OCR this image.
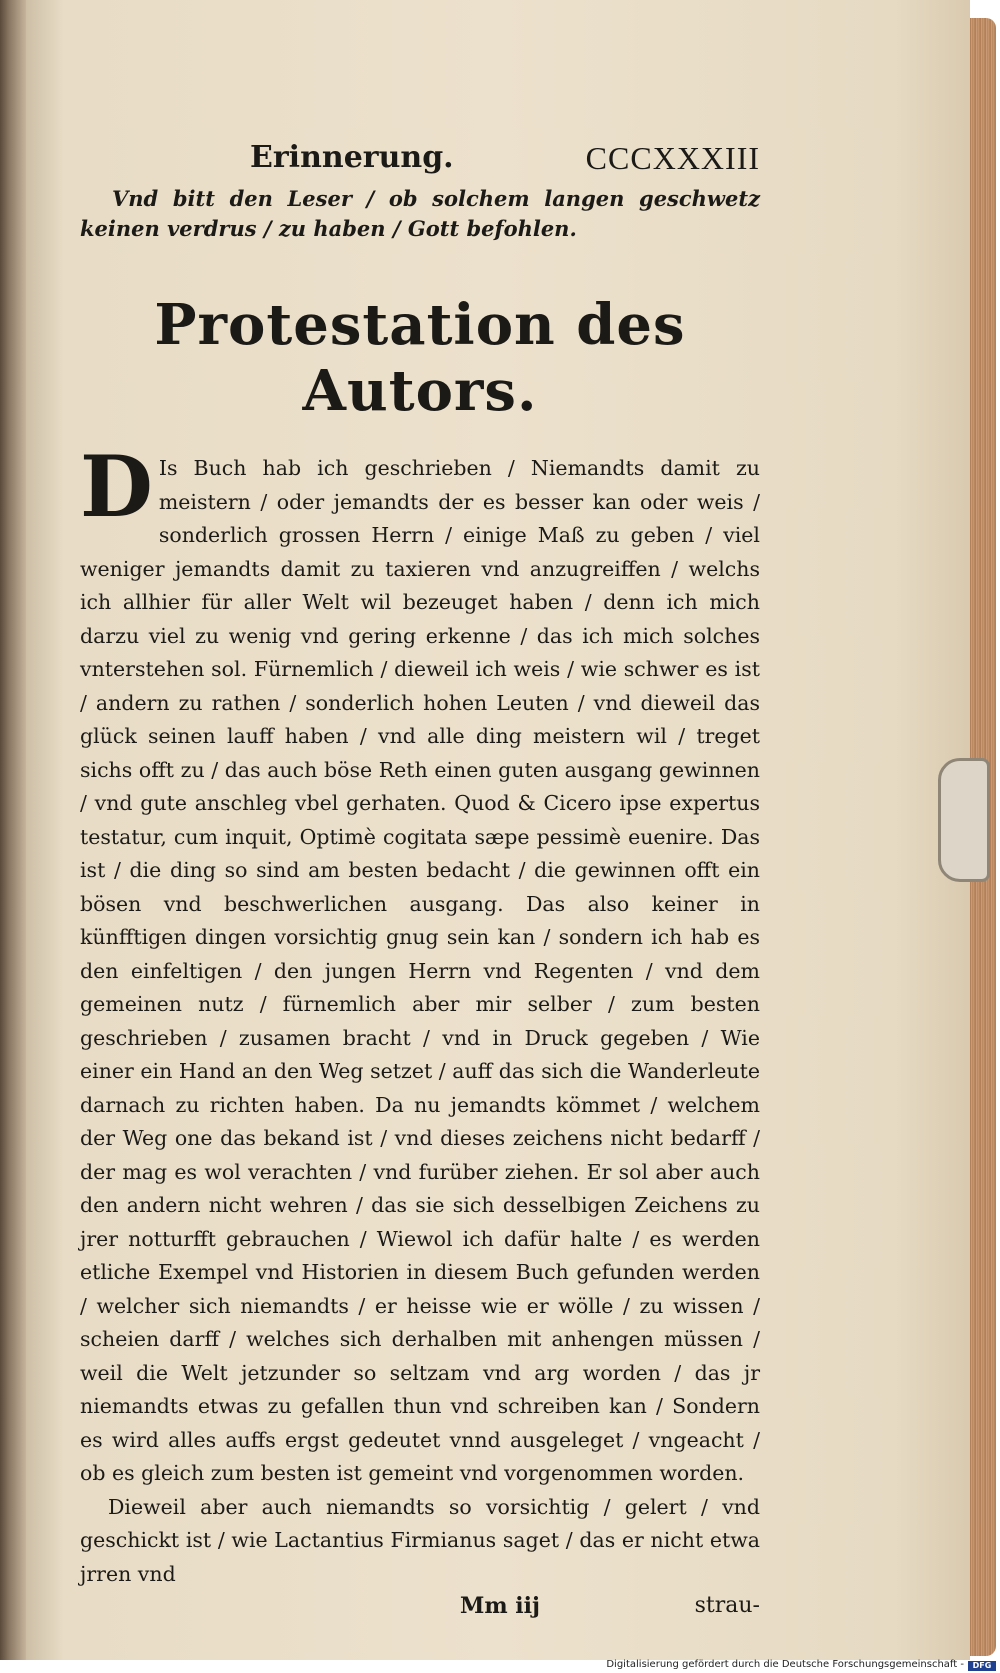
Erinnerung.	CCCXXXIII
Vnd bitt den Leser / ob solchem langen geschwetz keinen verdrus / zu haben / Gott befohlen.
Protestation des Autors.

DIs Buch hab ich geschrieben / Niemandts damit zu meistern / oder jemandts der es besser kan oder weis / sonderlich grossen Herrn / einige Maß zu geben / viel weniger jemandts damit zu taxieren vnd anzugreiffen / welchs ich allhier für aller Welt wil bezeuget haben / denn ich mich darzu viel zu wenig vnd gering erkenne / das ich mich solches vnterstehen sol. Fürnemlich / dieweil ich weis / wie schwer es ist / andern zu rathen / sonderlich hohen Leuten / vnd dieweil das glück seinen lauff haben / vnd alle ding meistern wil / treget sichs offt zu / das auch böse Reth einen guten ausgang gewinnen / vnd gute anschleg vbel gerhaten. Quod & Cicero ipse expertus testatur, cum inquit, Optimè cogitata sæpe pessimè euenire. Das ist / die ding so sind am besten bedacht / die gewinnen offt ein bösen vnd beschwerlichen ausgang. Das also keiner in künfftigen dingen vorsichtig gnug sein kan / sondern ich hab es den einfeltigen / den jungen Herrn vnd Regenten / vnd dem gemeinen nutz / fürnemlich aber mir selber / zum besten geschrieben / zusamen bracht / vnd in Druck gegeben / Wie einer ein Hand an den Weg setzet / auff das sich die Wanderleute darnach zu richten haben. Da nu jemandts kömmet / welchem der Weg one das bekand ist / vnd dieses zeichens nicht bedarff / der mag es wol verachten / vnd furüber ziehen. Er sol aber auch den andern nicht wehren / das sie sich desselbigen Zeichens zu jrer notturfft gebrauchen / Wiewol ich dafür halte / es werden etliche Exempel vnd Historien in diesem Buch gefunden werden / welcher sich niemandts / er heisse wie er wölle / zu wissen / scheien darff / welches sich derhalben mit anhengen müssen / weil die Welt jetzunder so seltzam vnd arg worden / das jr niemandts etwas zu gefallen thun vnd schreiben kan / Sondern es wird alles auffs ergst gedeutet vnnd ausgeleget / vngeacht / ob es gleich zum besten ist gemeint vnd vorgenommen worden.

Dieweil aber auch niemandts so vorsichtig / gelert / vnd geschickt ist / wie Lactantius Firmianus saget / das er nicht etwa jrren vnd

Mm iij	strau-
Digitalisierung gefördert durch die Deutsche Forschungsgemeinschaft -	DFG
